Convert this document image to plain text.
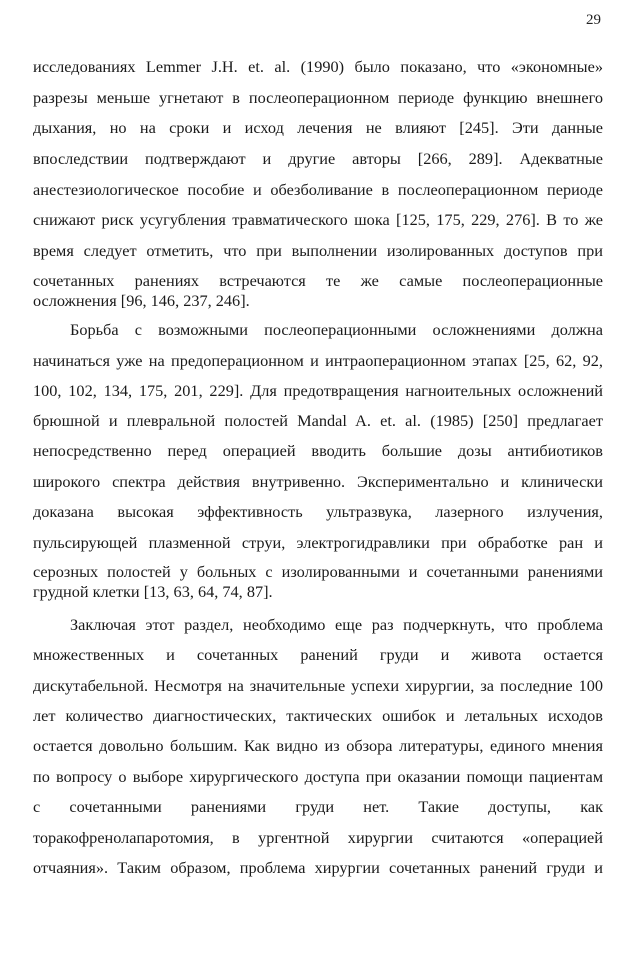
29
исследованиях Lemmer J.H. et. al. (1990) было показано, что «экономные»
разрезы меньше угнетают в послеоперационном периоде функцию внешнего
дыхания, но на сроки и исход лечения не влияют [245]. Эти данные
впоследствии подтверждают и другие авторы [266, 289]. Адекватные
анестезиологическое пособие и обезболивание в послеоперационном периоде
снижают риск усугубления травматического шока [125, 175, 229, 276]. В то же
время следует отметить, что при выполнении изолированных доступов при
сочетанных ранениях встречаются те же самые послеоперационные
осложнения [96, 146, 237, 246].
Борьба с возможными послеоперационными осложнениями должна
начинаться уже на предоперационном и интраоперационном этапах [25, 62, 92,
100, 102, 134, 175, 201, 229]. Для предотвращения нагноительных осложнений
брюшной и плевральной полостей Mandal A. et. al. (1985) [250] предлагает
непосредственно перед операцией вводить большие дозы антибиотиков
широкого спектра действия внутривенно. Экспериментально и клинически
доказана высокая эффективность ультразвука, лазерного излучения,
пульсирующей плазменной струи, электрогидравлики при обработке ран и
серозных полостей у больных с изолированными и сочетанными ранениями
грудной клетки [13, 63, 64, 74, 87].
Заключая этот раздел, необходимо еще раз подчеркнуть, что проблема
множественных и сочетанных ранений груди и живота остается
дискутабельной. Несмотря на значительные успехи хирургии, за последние 100
лет количество диагностических, тактических ошибок и летальных исходов
остается довольно большим. Как видно из обзора литературы, единого мнения
по вопросу о выборе хирургического доступа при оказании помощи пациентам
с сочетанными ранениями груди нет. Такие доступы, как
торакофренолапаротомия, в ургентной хирургии считаются «операцией
отчаяния». Таким образом, проблема хирургии сочетанных ранений груди и
